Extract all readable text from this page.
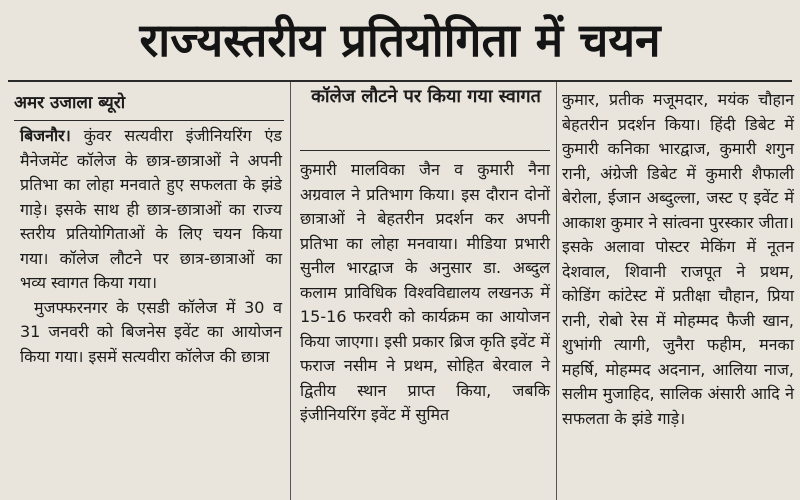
राज्यस्तरीय प्रतियोगिता में चयन
अमर उजाला ब्यूरो

बिजनौर। कुंवर सत्यवीरा इंजीनियरिंग एंड मैनेजमेंट कॉलेज के छात्र-छात्राओं ने अपनी प्रतिभा का लोहा मनवाते हुए सफलता के झंडे गाड़े। इसके साथ ही छात्र-छात्राओं का राज्य स्तरीय प्रतियोगिताओं के लिए चयन किया गया। कॉलेज लौटने पर छात्र-छात्राओं का भव्य स्वागत किया गया।

मुजफ्फरनगर के एसडी कॉलेज में 30 व 31 जनवरी को बिजनेस इवेंट का आयोजन किया गया। इसमें सत्यवीरा कॉलेज की छात्रा

कॉलेज लौटने पर किया गया स्वागत

कुमारी मालविका जैन व कुमारी नैना अग्रवाल ने प्रतिभाग किया। इस दौरान दोनों छात्राओं ने बेहतरीन प्रदर्शन कर अपनी प्रतिभा का लोहा मनवाया। मीडिया प्रभारी सुनील भारद्वाज के अनुसार डा. अब्दुल कलाम प्राविधिक विश्वविद्यालय लखनऊ में 15-16 फरवरी को कार्यक्रम का आयोजन किया जाएगा। इसी प्रकार ब्रिज कृति इवेंट में फराज नसीम ने प्रथम, सोहित बेरवाल ने द्वितीय स्थान प्राप्त किया, जबकि इंजीनियरिंग इवेंट में सुमित

कुमार, प्रतीक मजूमदार, मयंक चौहान बेहतरीन प्रदर्शन किया। हिंदी डिबेट में कुमारी कनिका भारद्वाज, कुमारी शगुन रानी, अंग्रेजी डिबेट में कुमारी शैफाली बेरोला, ईजान अब्दुल्ला, जस्ट ए इवेंट में आकाश कुमार ने सांत्वना पुरस्कार जीता। इसके अलावा पोस्टर मेकिंग में नूतन देशवाल, शिवानी राजपूत ने प्रथम, कोडिंग कांटेस्ट में प्रतीक्षा चौहान, प्रिया रानी, रोबो रेस में मोहम्मद फैजी खान, शुभांगी त्यागी, जुनैरा फहीम, मनका महर्षि, मोहम्मद अदनान, आलिया नाज, सलीम मुजाहिद, सालिक अंसारी आदि ने सफलता के झंडे गाड़े।
